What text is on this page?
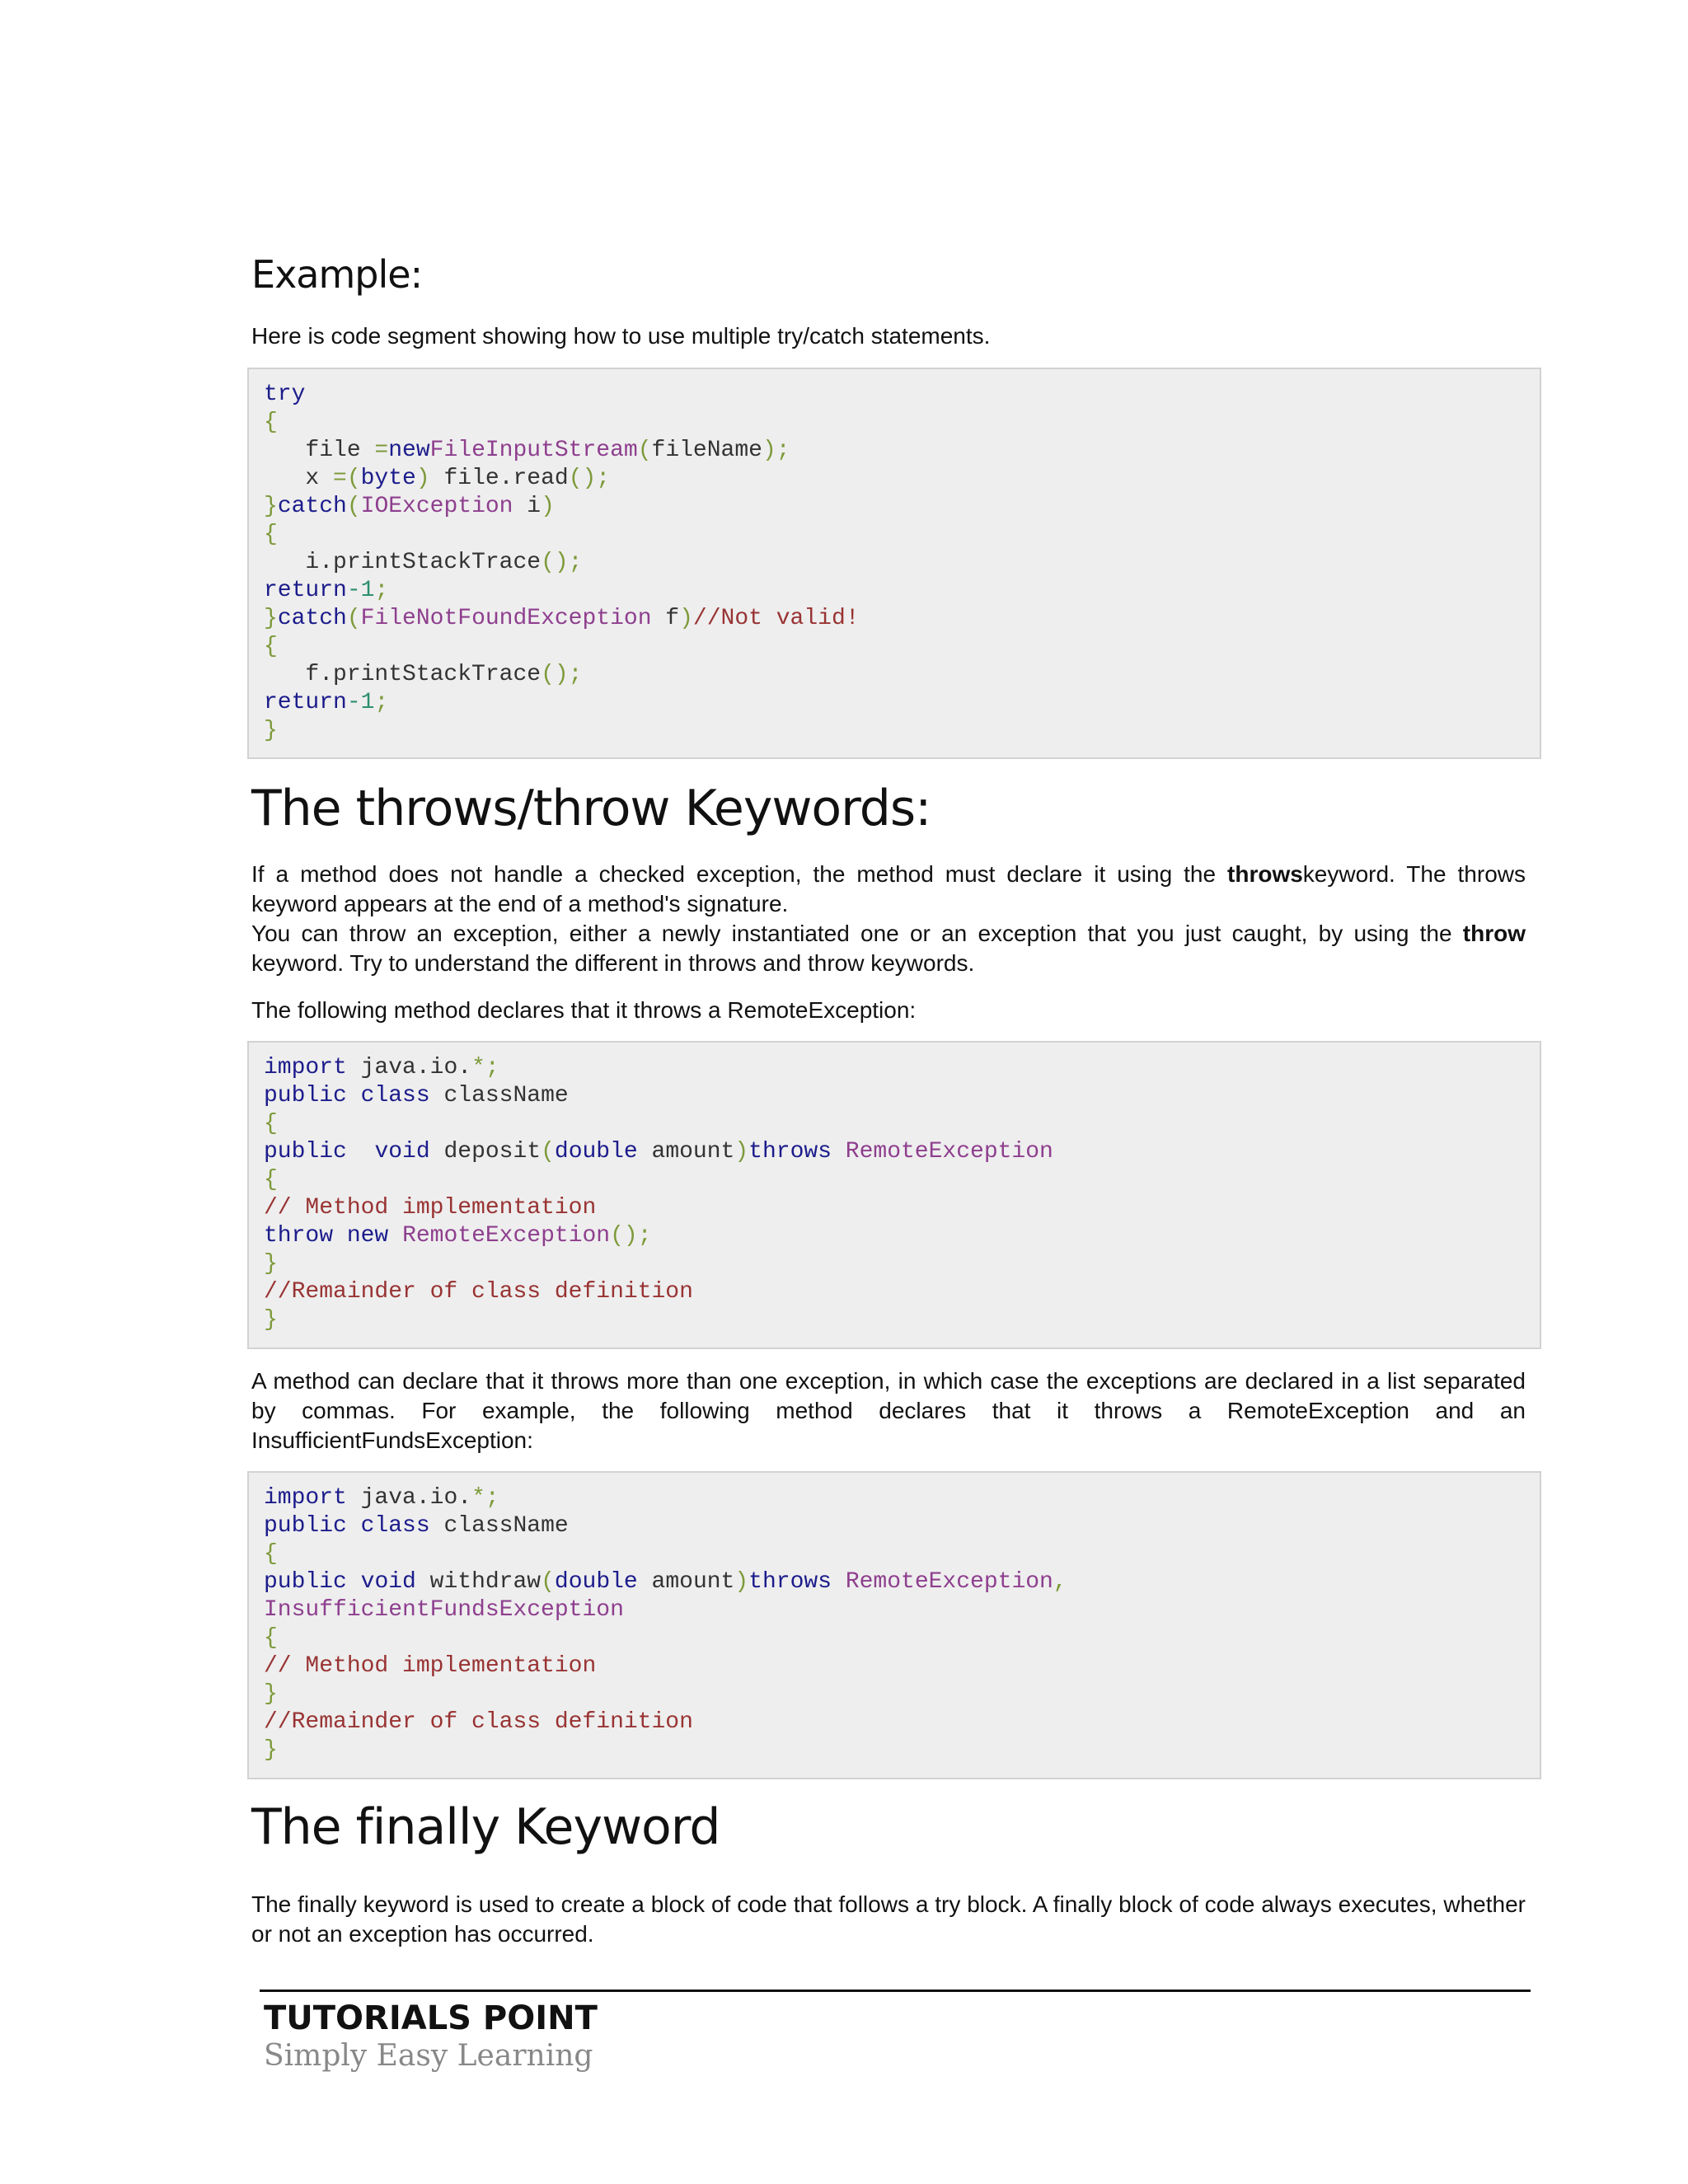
Example:

Here is code segment showing how to use multiple try/catch statements.

try
{
file =newFileInputStream(fileName);
x =(byte) file.read();
}catch(IOException i)
{
i.printStackTrace();
return-1;
}catch(FileNotFoundException f)//Not valid!
{
f.printStackTrace();
return-1;
}
The throws/throw Keywords:

If a method does not handle a checked exception, the method must declare it using the throwskeyword. The throws keyword appears at the end of a method's signature.
You can throw an exception, either a newly instantiated one or an exception that you just caught, by using the throw keyword. Try to understand the different in throws and throw keywords.

The following method declares that it throws a RemoteException:

import java.io.*;
public class className
{
public void deposit(double amount)throws RemoteException
{
// Method implementation
throw new RemoteException();
}
//Remainder of class definition
}

A method can declare that it throws more than one exception, in which case the exceptions are declared in a list separated by commas. For example, the following method declares that it throws a RemoteException and an InsufficientFundsException:

import java.io.*;
public class className
{
public void withdraw(double amount)throws RemoteException,
InsufficientFundsException
{
// Method implementation
}
//Remainder of class definition
}
The finally Keyword

The finally keyword is used to create a block of code that follows a try block. A finally block of code always executes, whether or not an exception has occurred.

TUTORIALS POINT

Simply Easy Learning
